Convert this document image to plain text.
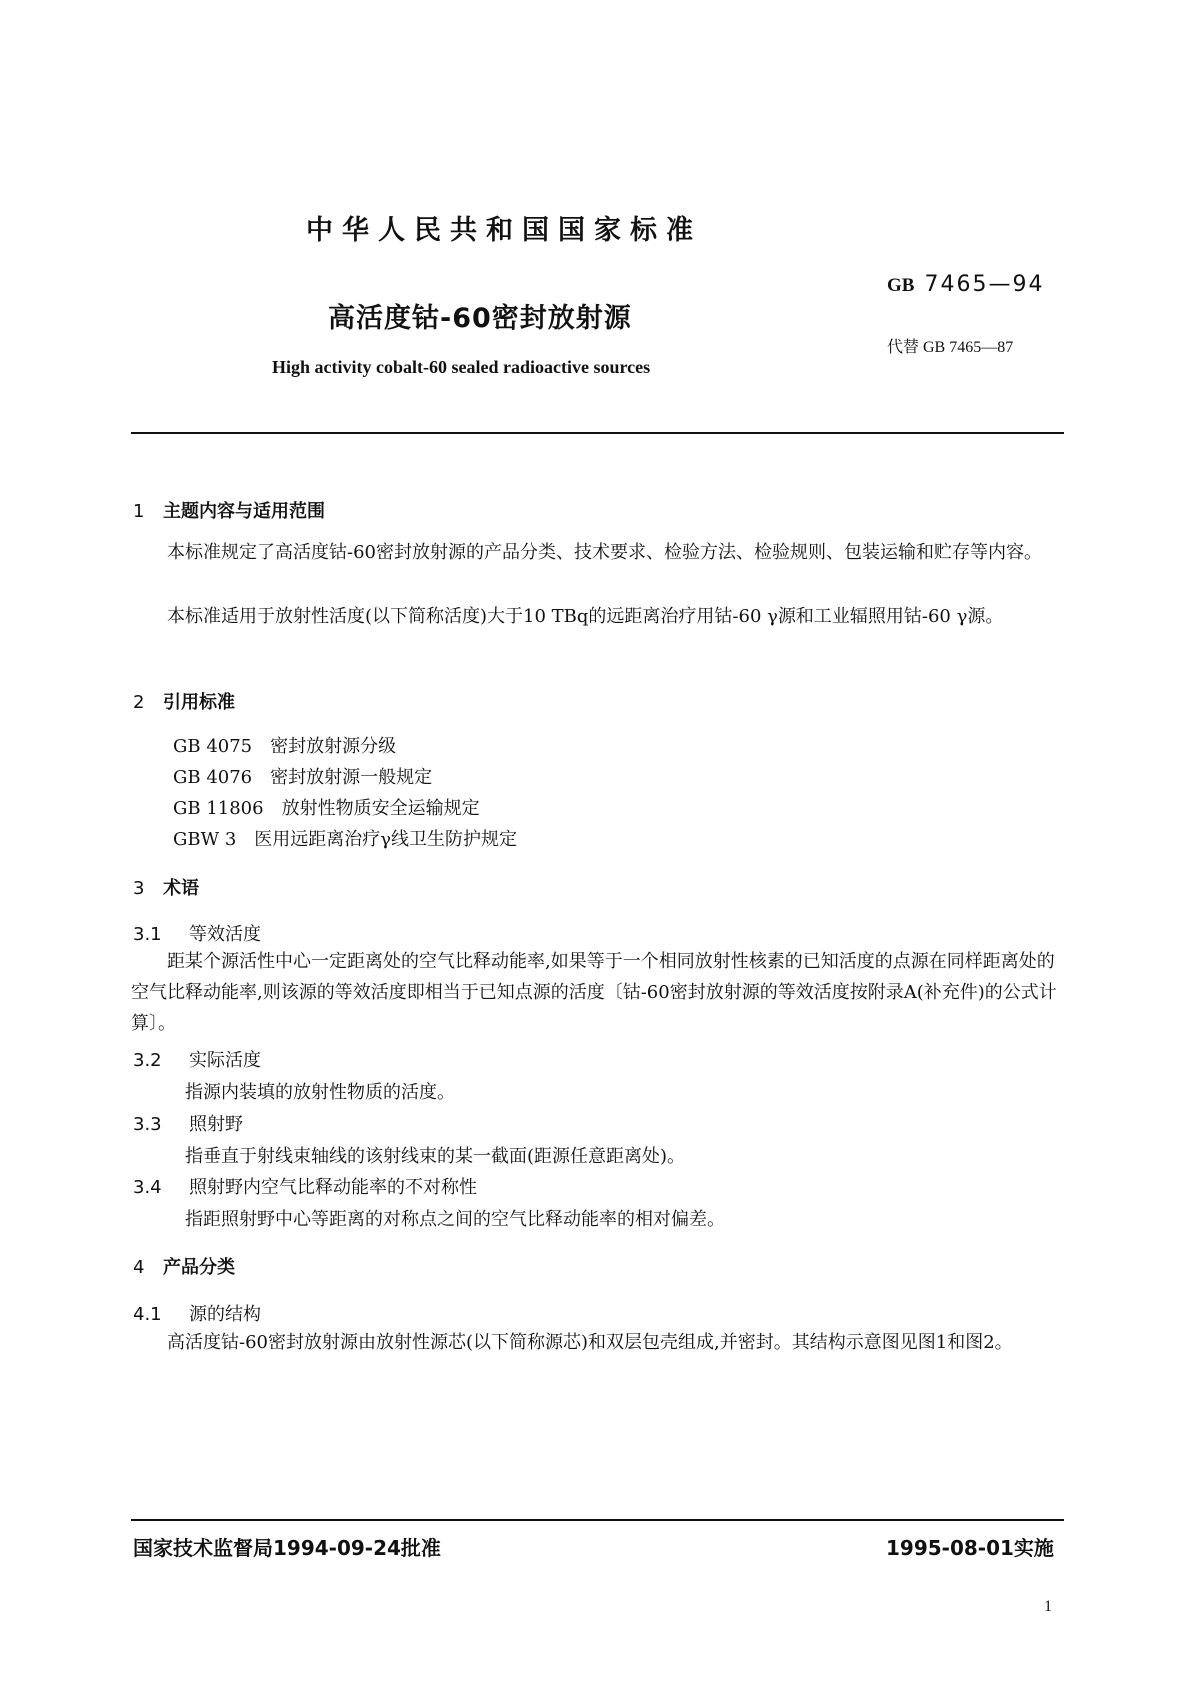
中华人民共和国国家标准
GB 7465—94
高活度钴-60密封放射源
代替 GB 7465—87
High activity cobalt-60 sealed radioactive sources
1 主题内容与适用范围
本标准规定了高活度钴-60密封放射源的产品分类、技术要求、检验方法、检验规则、包装运输和贮存等内容。
本标准适用于放射性活度(以下简称活度)大于10 TBq的远距离治疗用钴-60 γ源和工业辐照用钴-60 γ源。
2 引用标准
GB 4075 密封放射源分级
GB 4076 密封放射源一般规定
GB 11806 放射性物质安全运输规定
GBW 3 医用远距离治疗γ线卫生防护规定
3 术语
3.1 等效活度
距某个源活性中心一定距离处的空气比释动能率,如果等于一个相同放射性核素的已知活度的点源在同样距离处的空气比释动能率,则该源的等效活度即相当于已知点源的活度〔钴-60密封放射源的等效活度按附录A(补充件)的公式计算〕。
3.2 实际活度
指源内装填的放射性物质的活度。
3.3 照射野
指垂直于射线束轴线的该射线束的某一截面(距源任意距离处)。
3.4 照射野内空气比释动能率的不对称性
指距照射野中心等距离的对称点之间的空气比释动能率的相对偏差。
4 产品分类
4.1 源的结构
高活度钴-60密封放射源由放射性源芯(以下简称源芯)和双层包壳组成,并密封。其结构示意图见图1和图2。
国家技术监督局1994-09-24批准	1995-08-01实施
1
